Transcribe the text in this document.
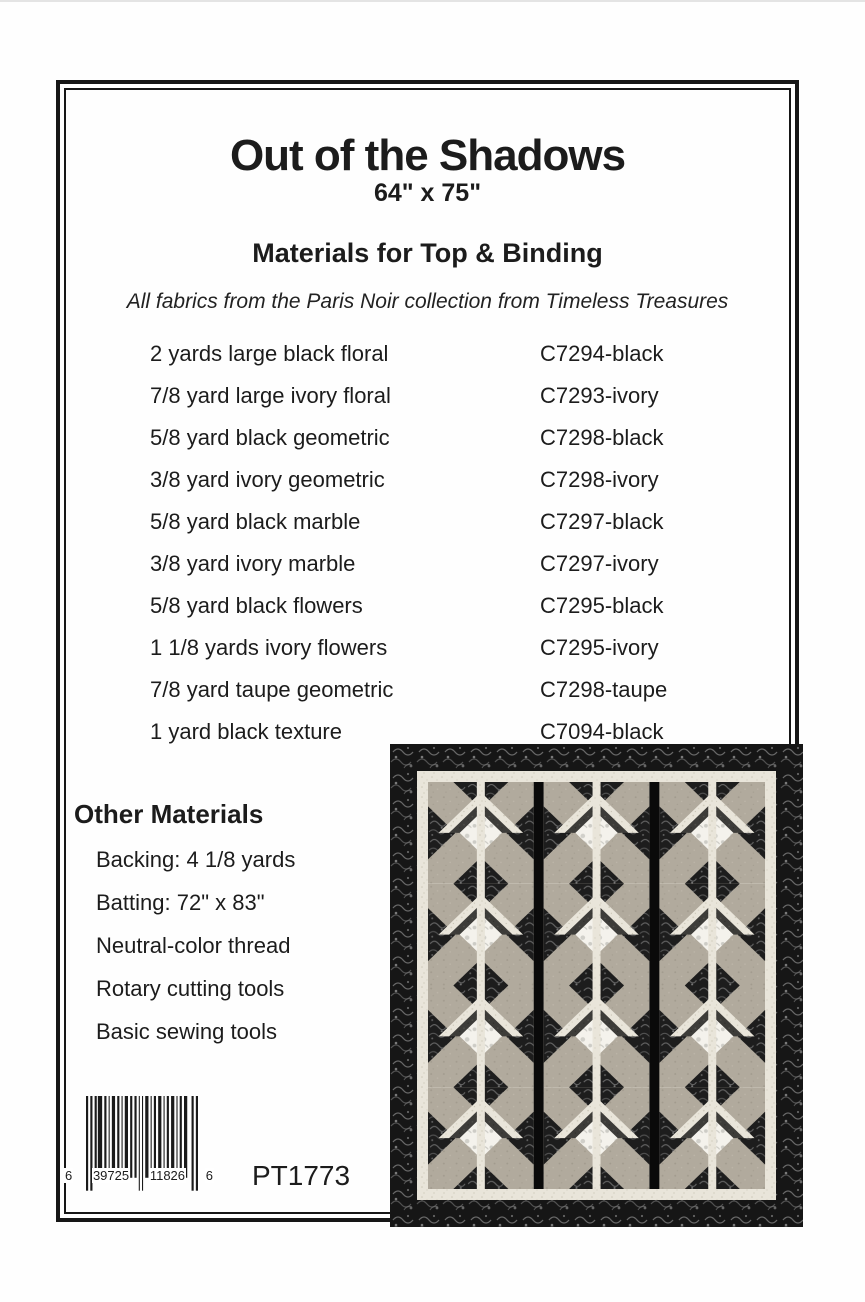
Out of the Shadows
64" x 75"
Materials for Top & Binding
All fabrics from the Paris Noir collection from Timeless Treasures
2 yards large black floral	C7294-black
7/8 yard large ivory floral	C7293-ivory
5/8 yard black geometric	C7298-black
3/8 yard ivory geometric	C7298-ivory
5/8 yard black marble	C7297-black
3/8 yard ivory marble	C7297-ivory
5/8 yard black flowers	C7295-black
1 1/8 yards ivory flowers	C7295-ivory
7/8 yard taupe geometric	C7298-taupe
1 yard black texture	C7094-black
Other Materials
Backing: 4 1/8 yards
Batting: 72" x 83"
Neutral-color thread
Rotary cutting tools
Basic sewing tools
6 39725 11826 6 PT1773
